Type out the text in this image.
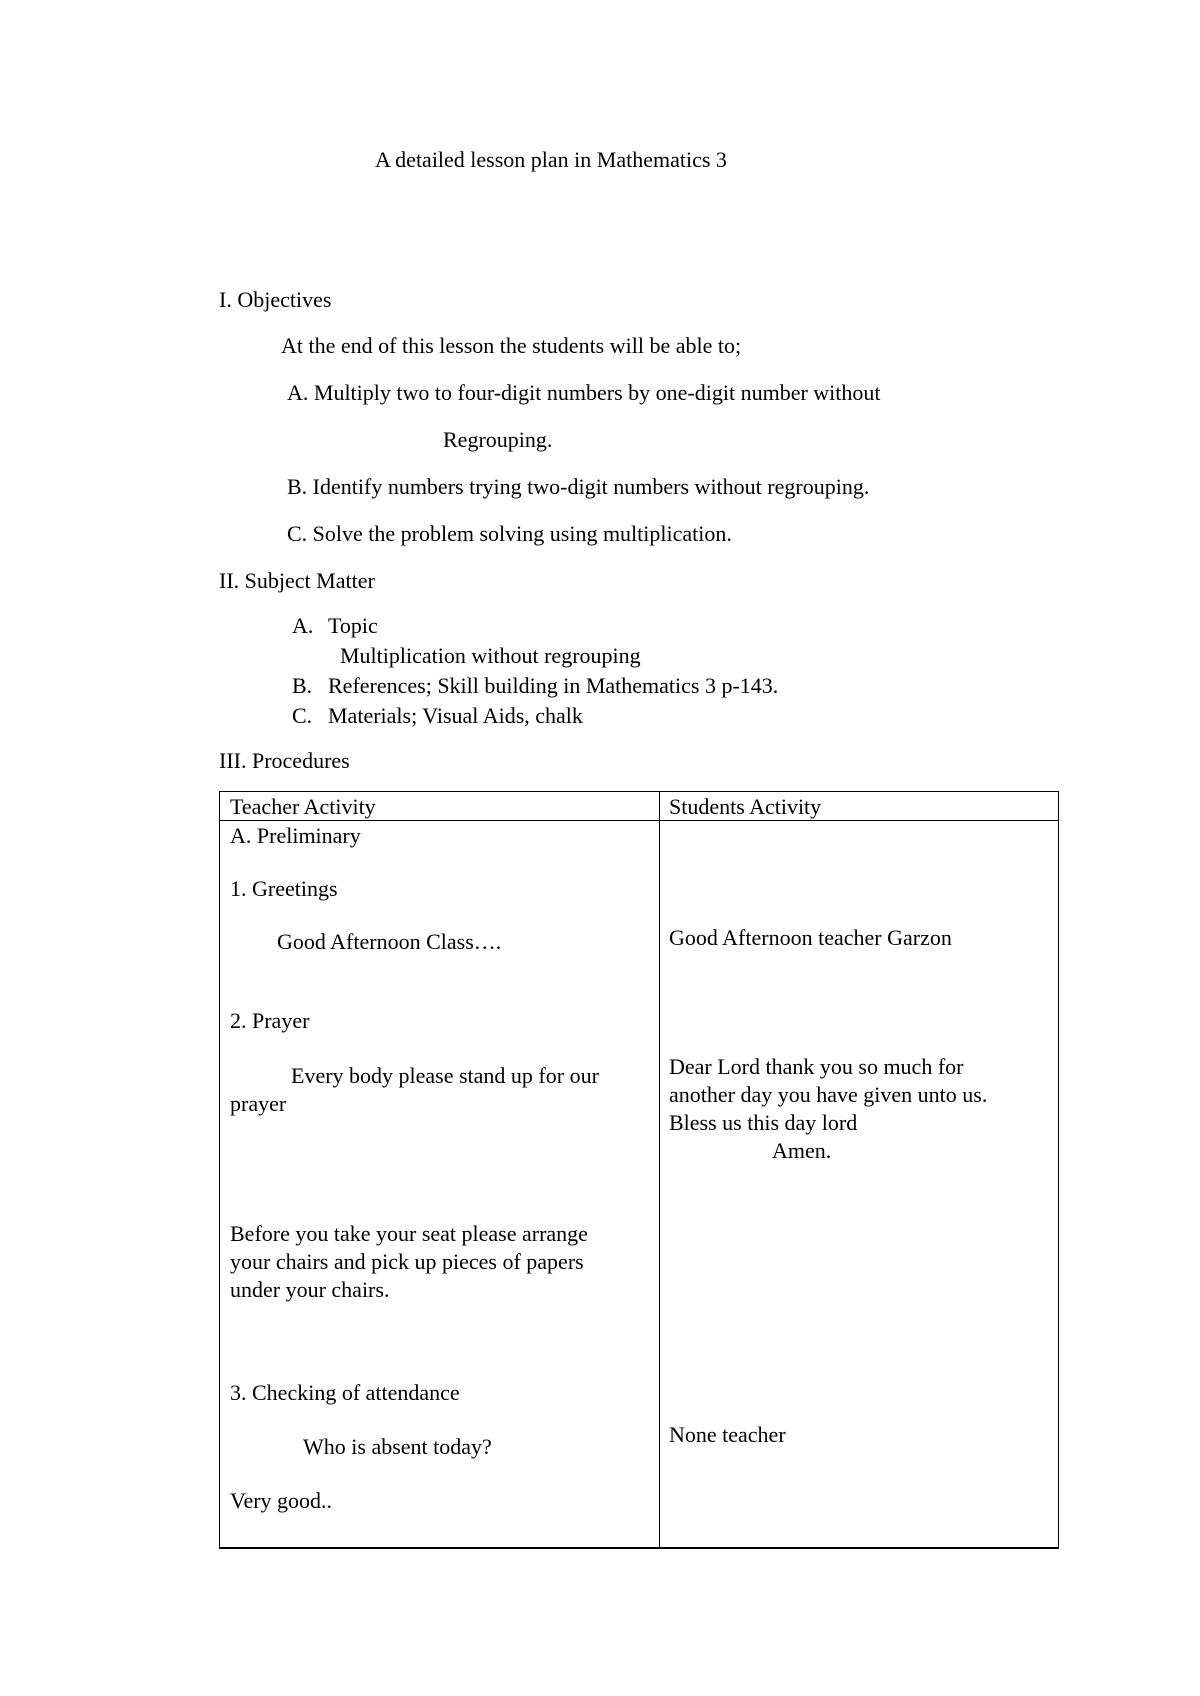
A detailed lesson plan in Mathematics 3
I. Objectives
At the end of this lesson the students will be able to;
A. Multiply two to four-digit numbers by one-digit number without
Regrouping.
B. Identify numbers trying two-digit numbers without regrouping.
C. Solve the problem solving using multiplication.
II. Subject Matter
A. Topic
Multiplication without regrouping
B. References; Skill building in Mathematics 3 p-143.
C. Materials; Visual Aids, chalk
III. Procedures
Teacher Activity	Students Activity
A. Preliminary
1. Greetings
Good Afternoon Class….
2. Prayer
Every body please stand up for our
prayer
Before you take your seat please arrange
your chairs and pick up pieces of papers
under your chairs.
3. Checking of attendance
Who is absent today?
Very good..
Good Afternoon teacher Garzon
Dear Lord thank you so much for
another day you have given unto us.
Bless us this day lord
Amen.
None teacher
